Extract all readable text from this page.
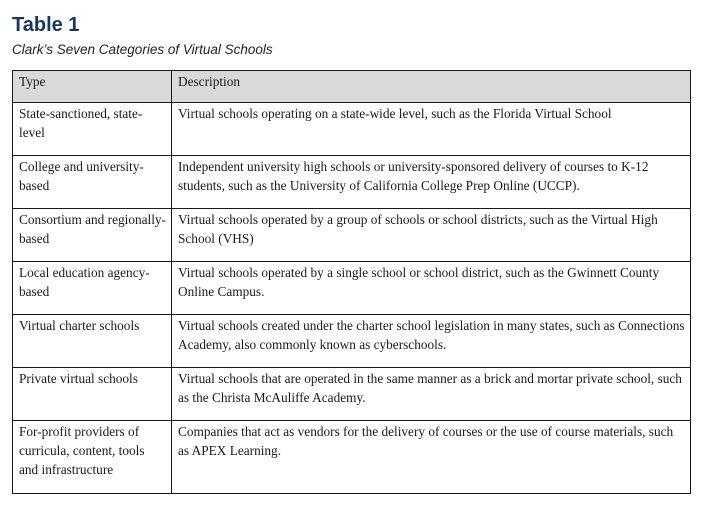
Table 1

Clark’s Seven Categories of Virtual Schools

Type	Description
State-sanctioned, state-level	Virtual schools operating on a state-wide level, such as the Florida Virtual School
College and university-based	Independent university high schools or university-sponsored delivery of courses to K-12 students, such as the University of California College Prep Online (UCCP).
Consortium and regionally-based	Virtual schools operated by a group of schools or school districts, such as the Virtual High School (VHS)
Local education agency-based	Virtual schools operated by a single school or school district, such as the Gwinnett County Online Campus.
Virtual charter schools	Virtual schools created under the charter school legislation in many states, such as Connections Academy, also commonly known as cyberschools.
Private virtual schools	Virtual schools that are operated in the same manner as a brick and mortar private school, such as the Christa McAuliffe Academy.
For-profit providers of curricula, content, tools and infrastructure	Companies that act as vendors for the delivery of courses or the use of course materials, such as APEX Learning.
